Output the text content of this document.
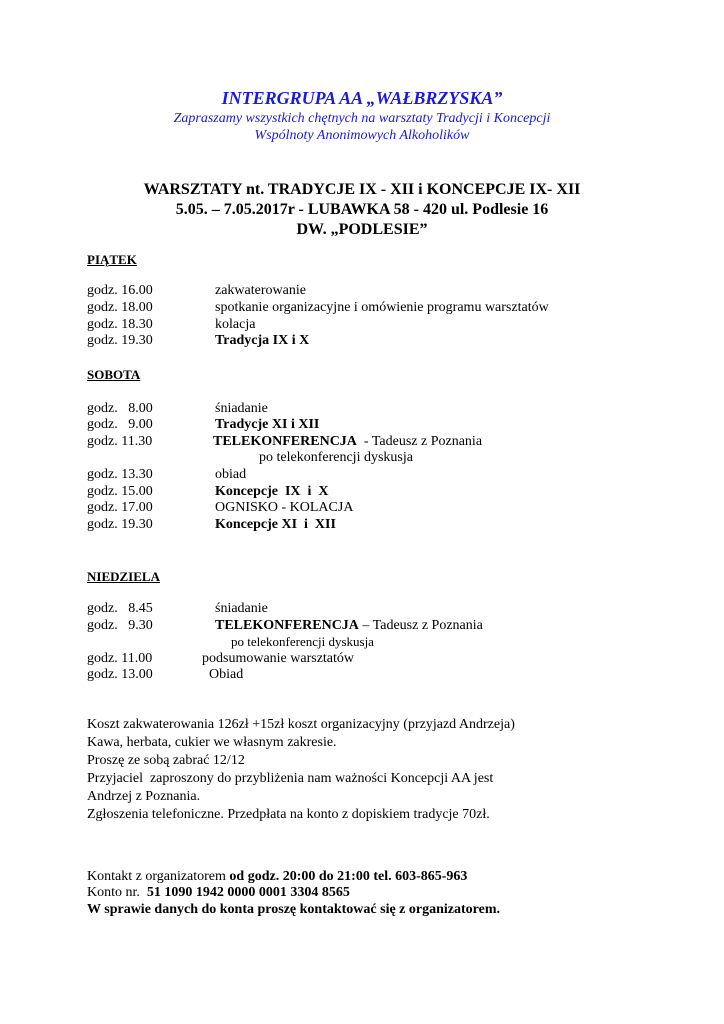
INTERGRUPA AA „WAŁBRZYSKA”
Zapraszamy wszystkich chętnych na warsztaty Tradycji i Koncepcji
Wspólnoty Anonimowych Alkoholików
WARSZTATY nt. TRADYCJE IX - XII i KONCEPCJE IX- XII
5.05. – 7.05.2017r - LUBAWKA 58 - 420 ul. Podlesie 16
DW. „PODLESIE”
PIĄTEK
godz. 16.00	zakwaterowanie
godz. 18.00	spotkanie organizacyjne i omówienie programu warsztatów
godz. 18.30	kolacja
godz. 19.30	Tradycja IX i X
SOBOTA
godz.   8.00	śniadanie
godz.   9.00	Tradycje XI i XII
godz. 11.30	TELEKONFERENCJA  - Tadeusz z Poznania
po telekonferencji dyskusja
godz. 13.30	obiad
godz. 15.00	Koncepcje  IX  i  X
godz. 17.00	OGNISKO - KOLACJA
godz. 19.30	Koncepcje XI  i  XII
NIEDZIELA
godz.   8.45	śniadanie
godz.   9.30	TELEKONFERENCJA – Tadeusz z Poznania
po telekonferencji dyskusja
godz. 11.00	podsumowanie warsztatów
godz. 13.00	Obiad
Koszt zakwaterowania 126zł +15zł koszt organizacyjny (przyjazd Andrzeja)
Kawa, herbata, cukier we własnym zakresie.
Proszę ze sobą zabrać 12/12
Przyjaciel  zaproszony do przybliżenia nam ważności Koncepcji AA jest
Andrzej z Poznania.
Zgłoszenia telefoniczne. Przedpłata na konto z dopiskiem tradycje 70zł.
Kontakt z organizatorem od godz. 20:00 do 21:00 tel. 603-865-963
Konto nr.  51 1090 1942 0000 0001 3304 8565
W sprawie danych do konta proszę kontaktować się z organizatorem.
